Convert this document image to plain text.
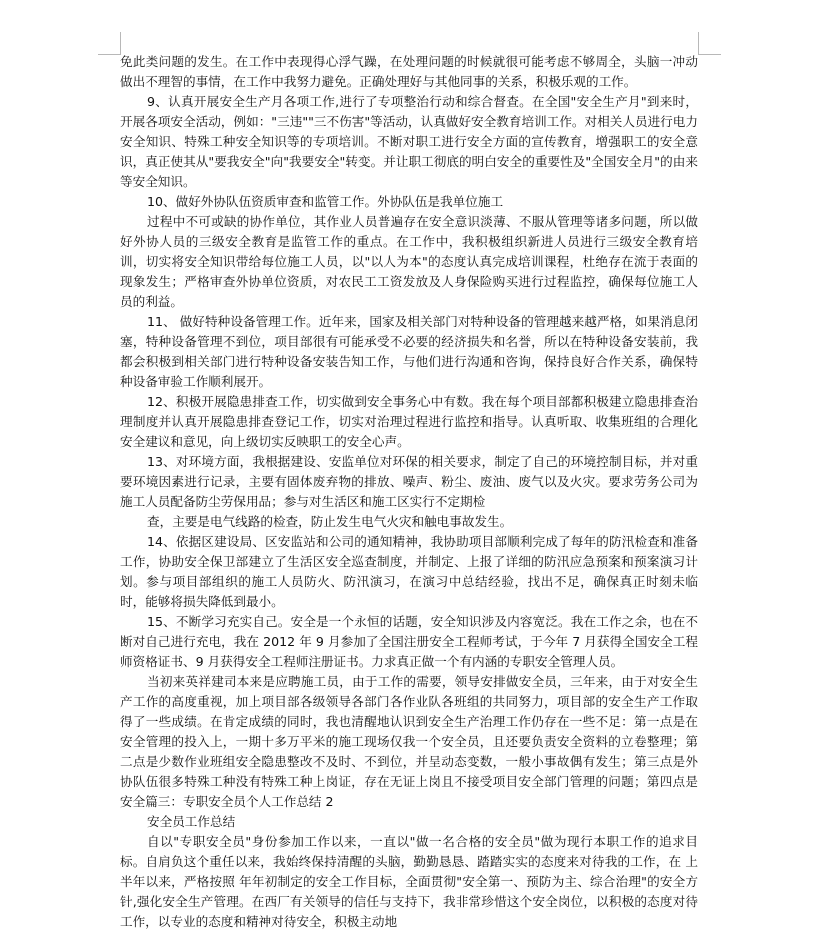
免此类问题的发生。在工作中表现得心浮气躁，在处理问题的时候就很可能考虑不够周全，头脑一冲动做出不理智的事情，在工作中我努力避免。正确处理好与其他同事的关系，积极乐观的工作。

9、认真开展安全生产月各项工作,进行了专项整治行动和综合督查。在全国"安全生产月"到来时，开展各项安全活动，例如："三违""三不伤害"等活动，认真做好安全教育培训工作。对相关人员进行电力安全知识、特殊工种安全知识等的专项培训。不断对职工进行安全方面的宣传教育，增强职工的安全意识，真正使其从"要我安全"向"我要安全"转变。并让职工彻底的明白安全的重要性及"全国安全月"的由来等安全知识。

10、做好外协队伍资质审查和监管工作。外协队伍是我单位施工

过程中不可或缺的协作单位，其作业人员普遍存在安全意识淡薄、不服从管理等诸多问题，所以做好外协人员的三级安全教育是监管工作的重点。在工作中，我积极组织新进人员进行三级安全教育培训，切实将安全知识带给每位施工人员，以"以人为本"的态度认真完成培训课程，杜绝存在流于表面的现象发生；严格审查外协单位资质，对农民工工资发放及人身保险购买进行过程监控，确保每位施工人员的利益。

11、 做好特种设备管理工作。近年来，国家及相关部门对特种设备的管理越来越严格，如果消息闭塞，特种设备管理不到位，项目部很有可能承受不必要的经济损失和名誉，所以在特种设备安装前，我都会积极到相关部门进行特种设备安装告知工作，与他们进行沟通和咨询，保持良好合作关系，确保特种设备审验工作顺利展开。

12、积极开展隐患排查工作，切实做到安全事务心中有数。我在每个项目部都积极建立隐患排查治理制度并认真开展隐患排查登记工作，切实对治理过程进行监控和指导。认真听取、收集班组的合理化安全建议和意见，向上级切实反映职工的安全心声。

13、对环境方面，我根据建设、安监单位对环保的相关要求，制定了自己的环境控制目标，并对重要环境因素进行记录，主要有固体废弃物的排放、噪声、粉尘、废油、废气以及火灾。要求劳务公司为施工人员配备防尘劳保用品；参与对生活区和施工区实行不定期检

查，主要是电气线路的检查，防止发生电气火灾和触电事故发生。

14、依据区建设局、区安监站和公司的通知精神，我协助项目部顺利完成了每年的防汛检查和准备工作，协助安全保卫部建立了生活区安全巡查制度，并制定、上报了详细的防汛应急预案和预案演习计划。参与项目部组织的施工人员防火、防汛演习，在演习中总结经验，找出不足，确保真正时刻未临时，能够将损失降低到最小。

15、不断学习充实自己。安全是一个永恒的话题，安全知识涉及内容宽泛。我在工作之余，也在不断对自己进行充电，我在 2012 年 9 月参加了全国注册安全工程师考试，于今年 7 月获得全国安全工程师资格证书、9 月获得安全工程师注册证书。力求真正做一个有内涵的专职安全管理人员。

当初来英祥建司本来是应聘施工员，由于工作的需要，领导安排做安全员，三年来，由于对安全生产工作的高度重视，加上项目部各级领导各部门各作业队各班组的共同努力，项目部的安全生产工作取得了一些成绩。在肯定成绩的同时，我也清醒地认识到安全生产治理工作仍存在一些不足：第一点是在安全管理的投入上，一期十多万平米的施工现场仅我一个安全员，且还要负责安全资料的立卷整理；第二点是少数作业班组安全隐患整改不及时、不到位，并呈动态变数，一般小事故偶有发生；第三点是外协队伍很多特殊工种没有特殊工种上岗证，存在无证上岗且不接受项目安全部门管理的问题；第四点是安全篇三：专职安全员个人工作总结 2

安全员工作总结

自以"专职安全员"身份参加工作以来，一直以"做一名合格的安全员"做为现行本职工作的追求目标。自肩负这个重任以来，我始终保持清醒的头脑，勤勤恳恳、踏踏实实的态度来对待我的工作，在 上半年以来，严格按照 年年初制定的安全工作目标，全面贯彻"安全第一、预防为主、综合治理"的安全方针,强化安全生产管理。在西厂有关领导的信任与支持下，我非常珍惜这个安全岗位，以积极的态度对待工作，以专业的态度和精神对待安全，积极主动地
